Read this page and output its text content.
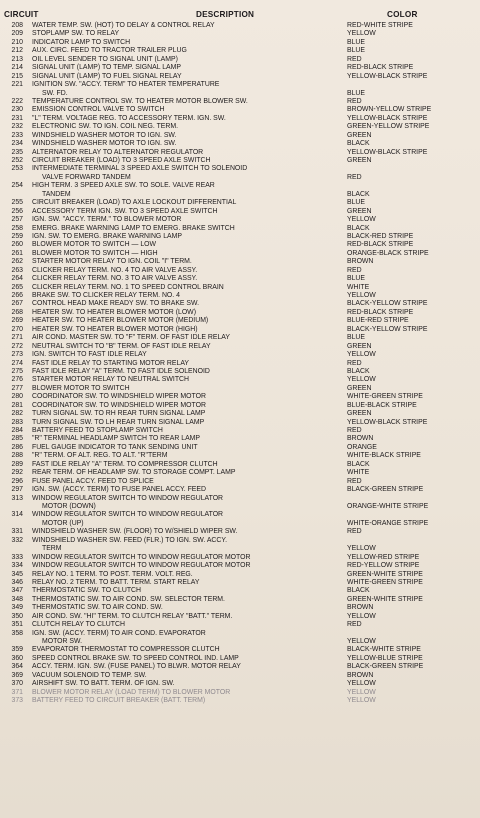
CIRCUIT	DESCRIPTION	COLOR
208 WATER TEMP. SW. (HOT) TO DELAY & CONTROL RELAY	RED-WHITE STRIPE
209 STOPLAMP SW. TO RELAY	YELLOW
210 INDICATOR LAMP TO SWITCH	BLUE
212 AUX. CIRC. FEED TO TRACTOR TRAILER PLUG	BLUE
213 OIL LEVEL SENDER TO SIGNAL UNIT (LAMP)	RED
214 SIGNAL UNIT (LAMP) TO TEMP. SIGNAL LAMP	RED-BLACK STRIPE
215 SIGNAL UNIT (LAMP) TO FUEL SIGNAL RELAY	YELLOW-BLACK STRIPE
221 IGNITION SW. "ACCY. TERM" TO HEATER TEMPERATURE
SW. FD.	BLUE
222 TEMPERATURE CONTROL SW. TO HEATER MOTOR BLOWER SW.	RED
230 EMISSION CONTROL VALVE TO SWITCH	BROWN-YELLOW STRIPE
231 "L" TERM. VOLTAGE REG. TO ACCESSORY TERM. IGN. SW.	YELLOW-BLACK STRIPE
232 ELECTRONIC SW. TO IGN. COIL NEG. TERM.	GREEN-YELLOW STRIPE
233 WINDSHIELD WASHER MOTOR TO IGN. SW.	GREEN
234 WINDSHIELD WASHER MOTOR TO IGN. SW.	BLACK
235 ALTERNATOR RELAY TO ALTERNATOR REGULATOR	YELLOW-BLACK STRIPE
252 CIRCUIT BREAKER (LOAD) TO 3 SPEED AXLE SWITCH	GREEN
253 INTERMEDIATE TERMINAL 3 SPEED AXLE SWITCH TO SOLENOID
VALVE FORWARD TANDEM	RED
254 HIGH TERM. 3 SPEED AXLE SW. TO SOLE. VALVE REAR
TANDEM	BLACK
255 CIRCUIT BREAKER (LOAD) TO AXLE LOCKOUT DIFFERENTIAL	BLUE
256 ACCESSORY TERM IGN. SW. TO 3 SPEED AXLE SWITCH	GREEN
257 IGN. SW. "ACCY. TERM." TO BLOWER MOTOR	YELLOW
258 EMERG. BRAKE WARNING LAMP TO EMERG. BRAKE SWITCH	BLACK
259 IGN. SW. TO EMERG. BRAKE WARNING LAMP	BLACK-RED STRIPE
260 BLOWER MOTOR TO SWITCH — LOW	RED-BLACK STRIPE
261 BLOWER MOTOR TO SWITCH — HIGH	ORANGE-BLACK STRIPE
262 STARTER MOTOR RELAY TO IGN. COIL "I" TERM.	BROWN
263 CLICKER RELAY TERM. NO. 4 TO AIR VALVE ASSY.	RED
264 CLICKER RELAY TERM. NO. 3 TO AIR VALVE ASSY.	BLUE
265 CLICKER RELAY TERM. NO. 1 TO SPEED CONTROL BRAIN	WHITE
266 BRAKE SW. TO CLICKER RELAY TERM. NO. 4	YELLOW
267 CONTROL HEAD MAKE READY SW. TO BRAKE SW.	BLACK-YELLOW STRIPE
268 HEATER SW. TO HEATER BLOWER MOTOR (LOW)	RED-BLACK STRIPE
269 HEATER SW. TO HEATER BLOWER MOTOR (MEDIUM)	BLUE-RED STRIPE
270 HEATER SW. TO HEATER BLOWER MOTOR (HIGH)	BLACK-YELLOW STRIPE
271 AIR COND. MASTER SW. TO "F" TERM. OF FAST IDLE RELAY	BLUE
272 NEUTRAL SWITCH TO "B" TERM. OF FAST IDLE RELAY	GREEN
273 IGN. SWITCH TO FAST IDLE RELAY	YELLOW
274 FAST IDLE RELAY TO STARTING MOTOR RELAY	RED
275 FAST IDLE RELAY "A" TERM. TO FAST IDLE SOLENOID	BLACK
276 STARTER MOTOR RELAY TO NEUTRAL SWITCH	YELLOW
277 BLOWER MOTOR TO SWITCH	GREEN
280 COORDINATOR SW. TO WINDSHIELD WIPER MOTOR	WHITE-GREEN STRIPE
281 COORDINATOR SW. TO WINDSHIELD WIPER MOTOR	BLUE-BLACK STRIPE
282 TURN SIGNAL SW. TO RH REAR TURN SIGNAL LAMP	GREEN
283 TURN SIGNAL SW. TO LH REAR TURN SIGNAL LAMP	YELLOW-BLACK STRIPE
284 BATTERY FEED TO STOPLAMP SWITCH	RED
285 "R" TERMINAL HEADLAMP SWITCH TO REAR LAMP	BROWN
286 FUEL GAUGE INDICATOR TO TANK SENDING UNIT	ORANGE
288 "R" TERM. OF ALT. REG. TO ALT. "R"TERM	WHITE-BLACK STRIPE
289 FAST IDLE RELAY "A" TERM. TO COMPRESSOR CLUTCH	BLACK
292 REAR TERM. OF HEADLAMP SW. TO STORAGE COMPT. LAMP	WHITE
296 FUSE PANEL ACCY. FEED TO SPLICE	RED
297 IGN. SW. (ACCY. TERM) TO FUSE PANEL ACCY. FEED	BLACK-GREEN STRIPE
313 WINDOW REGULATOR SWITCH TO WINDOW REGULATOR
MOTOR (DOWN)	ORANGE-WHITE STRIPE
314 WINDOW REGULATOR SWITCH TO WINDOW REGULATOR
MOTOR (UP)	WHITE-ORANGE STRIPE
331 WINDSHIELD WASHER SW. (FLOOR) TO W/SHIELD WIPER SW.	RED
332 WINDSHIELD WASHER SW. FEED (FLR.) TO IGN. SW. ACCY.
TERM	YELLOW
333 WINDOW REGULATOR SWITCH TO WINDOW REGULATOR MOTOR	YELLOW-RED STRIPE
334 WINDOW REGULATOR SWITCH TO WINDOW REGULATOR MOTOR	RED-YELLOW STRIPE
345 RELAY NO. 1 TERM. TO POST. TERM. VOLT. REG.	GREEN-WHITE STRIPE
346 RELAY NO. 2 TERM. TO BATT. TERM. START RELAY	WHITE-GREEN STRIPE
347 THERMOSTATIC SW. TO CLUTCH	BLACK
348 THERMOSTATIC SW. TO AIR COND. SW. SELECTOR TERM.	GREEN-WHITE STRIPE
349 THERMOSTATIC SW. TO AIR COND. SW.	BROWN
350 AIR COND. SW. "HI" TERM. TO CLUTCH RELAY "BATT." TERM.	YELLOW
351 CLUTCH RELAY TO CLUTCH	RED
358 IGN. SW. (ACCY. TERM) TO AIR COND. EVAPORATOR
MOTOR SW.	YELLOW
359 EVAPORATOR THERMOSTAT TO COMPRESSOR CLUTCH	BLACK-WHITE STRIPE
360 SPEED CONTROL BRAKE SW. TO SPEED CONTROL IND. LAMP	YELLOW-BLUE STRIPE
364 ACCY. TERM. IGN. SW. (FUSE PANEL) TO BLWR. MOTOR RELAY	BLACK-GREEN STRIPE
369 VACUUM SOLENOID TO TEMP. SW.	BROWN
370 AIRSHIFT SW. TO BATT. TERM. OF IGN. SW.	YELLOW
371 BLOWER MOTOR RELAY (LOAD TERM) TO BLOWER MOTOR	YELLOW
373 BATTERY FEED TO CIRCUIT BREAKER (BATT. TERM)	YELLOW
